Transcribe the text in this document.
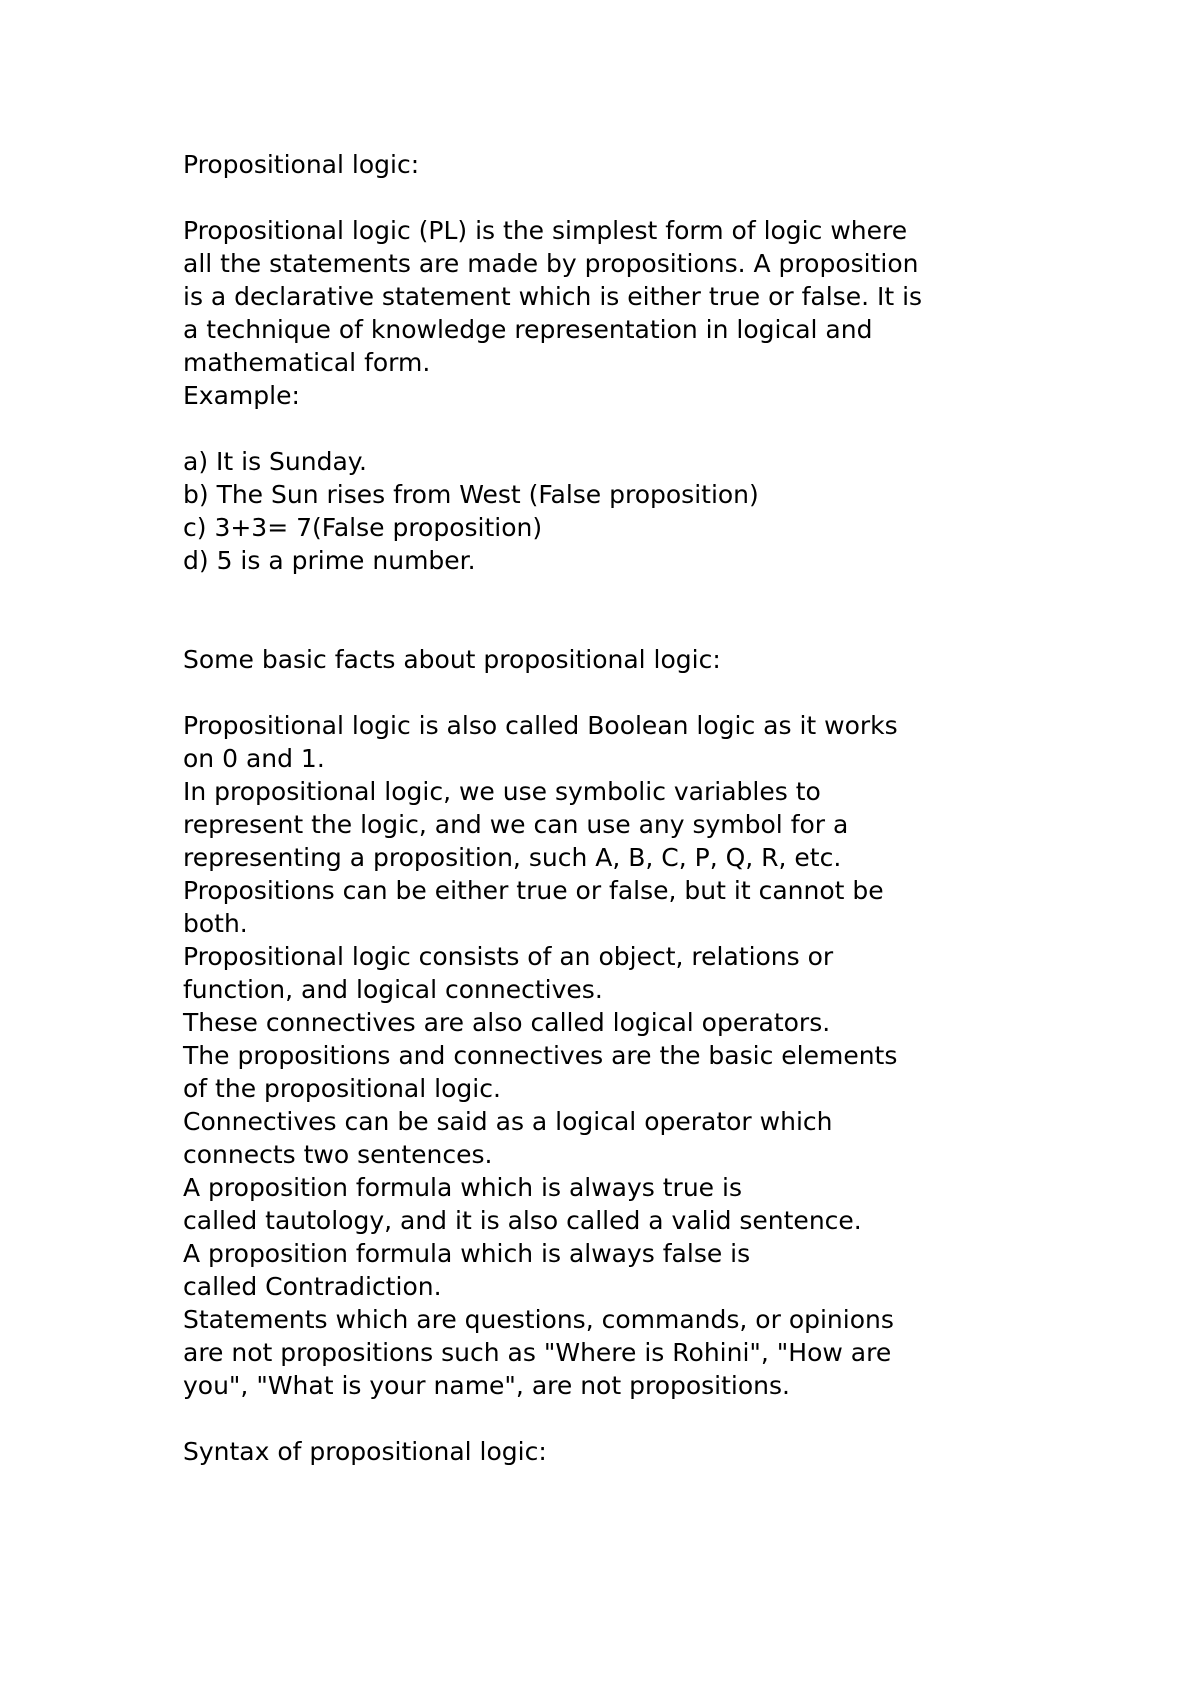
Propositional logic:
Propositional logic (PL) is the simplest form of logic where
all the statements are made by propositions. A proposition
is a declarative statement which is either true or false. It is
a technique of knowledge representation in logical and
mathematical form.
Example:
a) It is Sunday.
b) The Sun rises from West (False proposition)
c) 3+3= 7(False proposition)
d) 5 is a prime number.
Some basic facts about propositional logic:
Propositional logic is also called Boolean logic as it works
on 0 and 1.
In propositional logic, we use symbolic variables to
represent the logic, and we can use any symbol for a
representing a proposition, such A, B, C, P, Q, R, etc.
Propositions can be either true or false, but it cannot be
both.
Propositional logic consists of an object, relations or
function, and logical connectives.
These connectives are also called logical operators.
The propositions and connectives are the basic elements
of the propositional logic.
Connectives can be said as a logical operator which
connects two sentences.
A proposition formula which is always true is
called tautology, and it is also called a valid sentence.
A proposition formula which is always false is
called Contradiction.
Statements which are questions, commands, or opinions
are not propositions such as "Where is Rohini", "How are
you", "What is your name", are not propositions.
Syntax of propositional logic:
